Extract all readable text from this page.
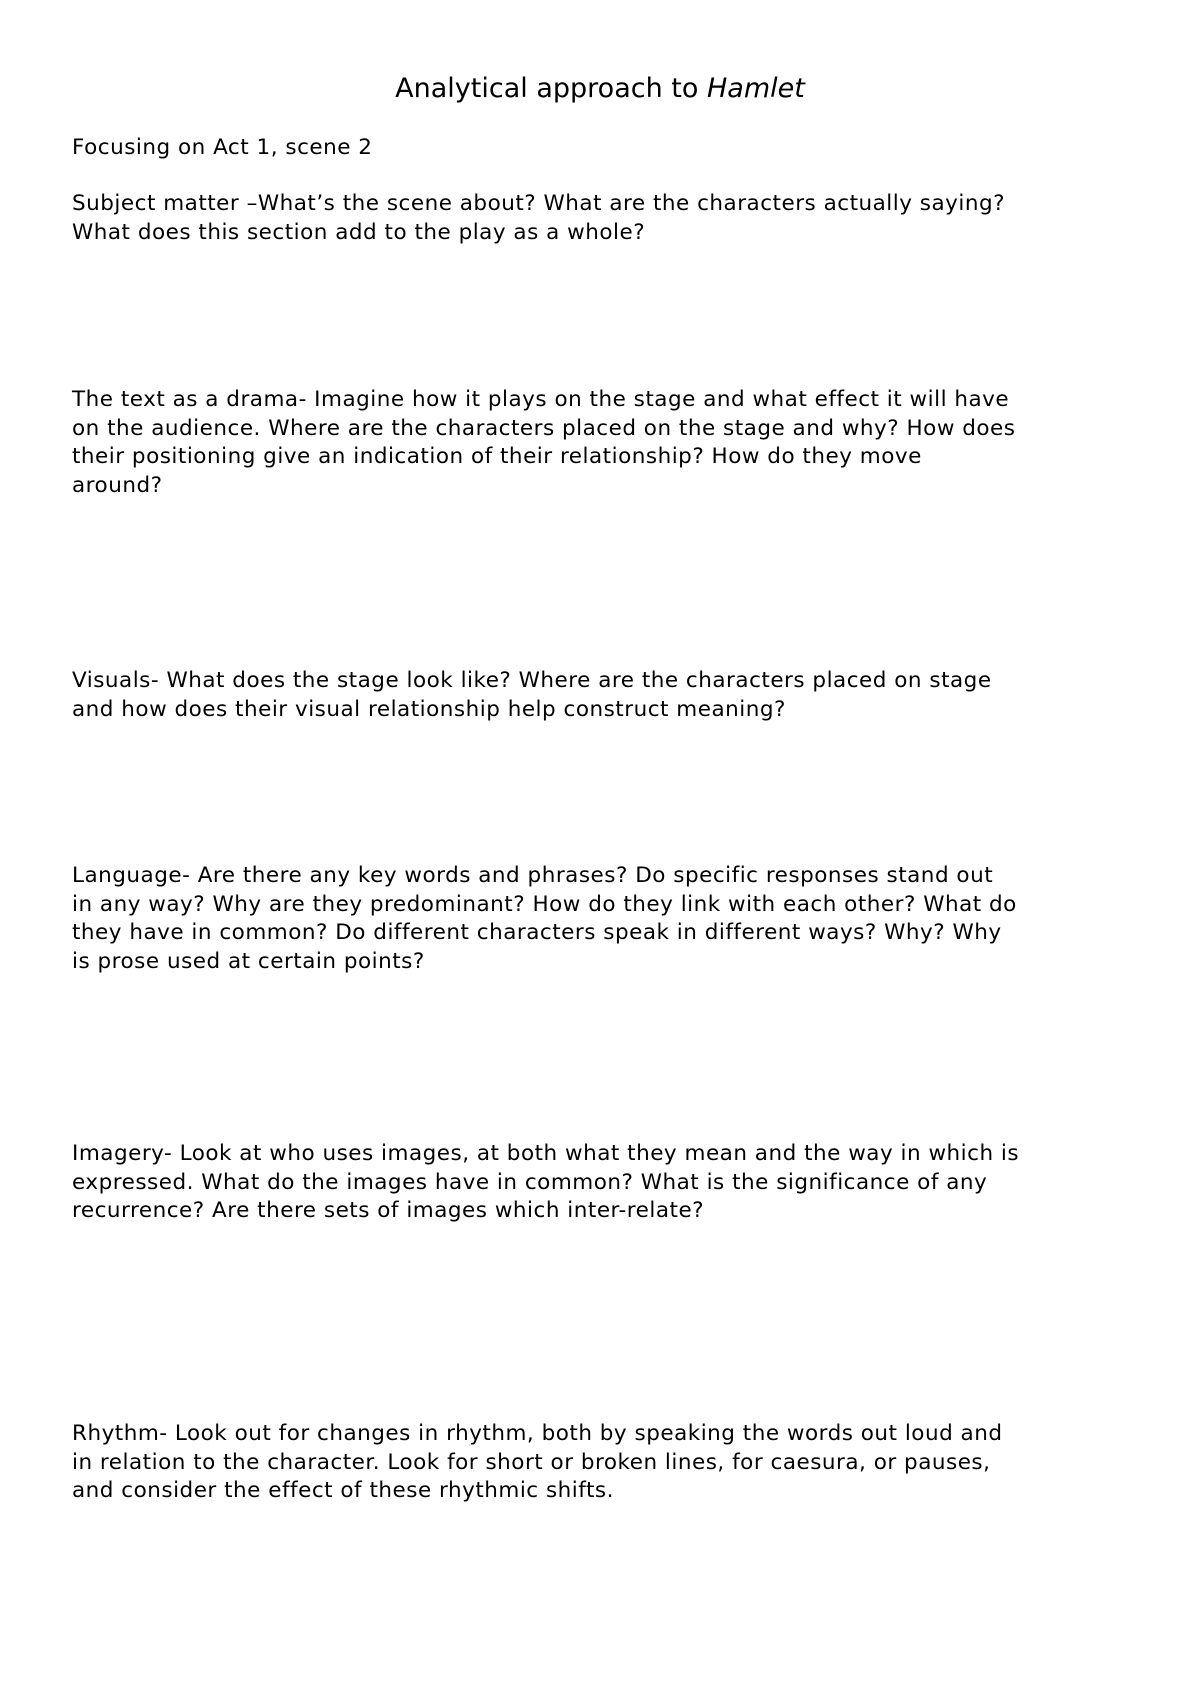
Analytical approach to Hamlet
Focusing on Act 1, scene 2
Subject matter –What’s the scene about? What are the characters actually saying?
What does this section add to the play as a whole?
The text as a drama- Imagine how it plays on the stage and what effect it will have
on the audience. Where are the characters placed on the stage and why? How does
their positioning give an indication of their relationship? How do they move
around?
Visuals- What does the stage look like? Where are the characters placed on stage
and how does their visual relationship help construct meaning?
Language- Are there any key words and phrases? Do specific responses stand out
in any way? Why are they predominant? How do they link with each other? What do
they have in common? Do different characters speak in different ways? Why? Why
is prose used at certain points?
Imagery- Look at who uses images, at both what they mean and the way in which is
expressed. What do the images have in common? What is the significance of any
recurrence? Are there sets of images which inter-relate?
Rhythm- Look out for changes in rhythm, both by speaking the words out loud and
in relation to the character. Look for short or broken lines, for caesura, or pauses,
and consider the effect of these rhythmic shifts.
